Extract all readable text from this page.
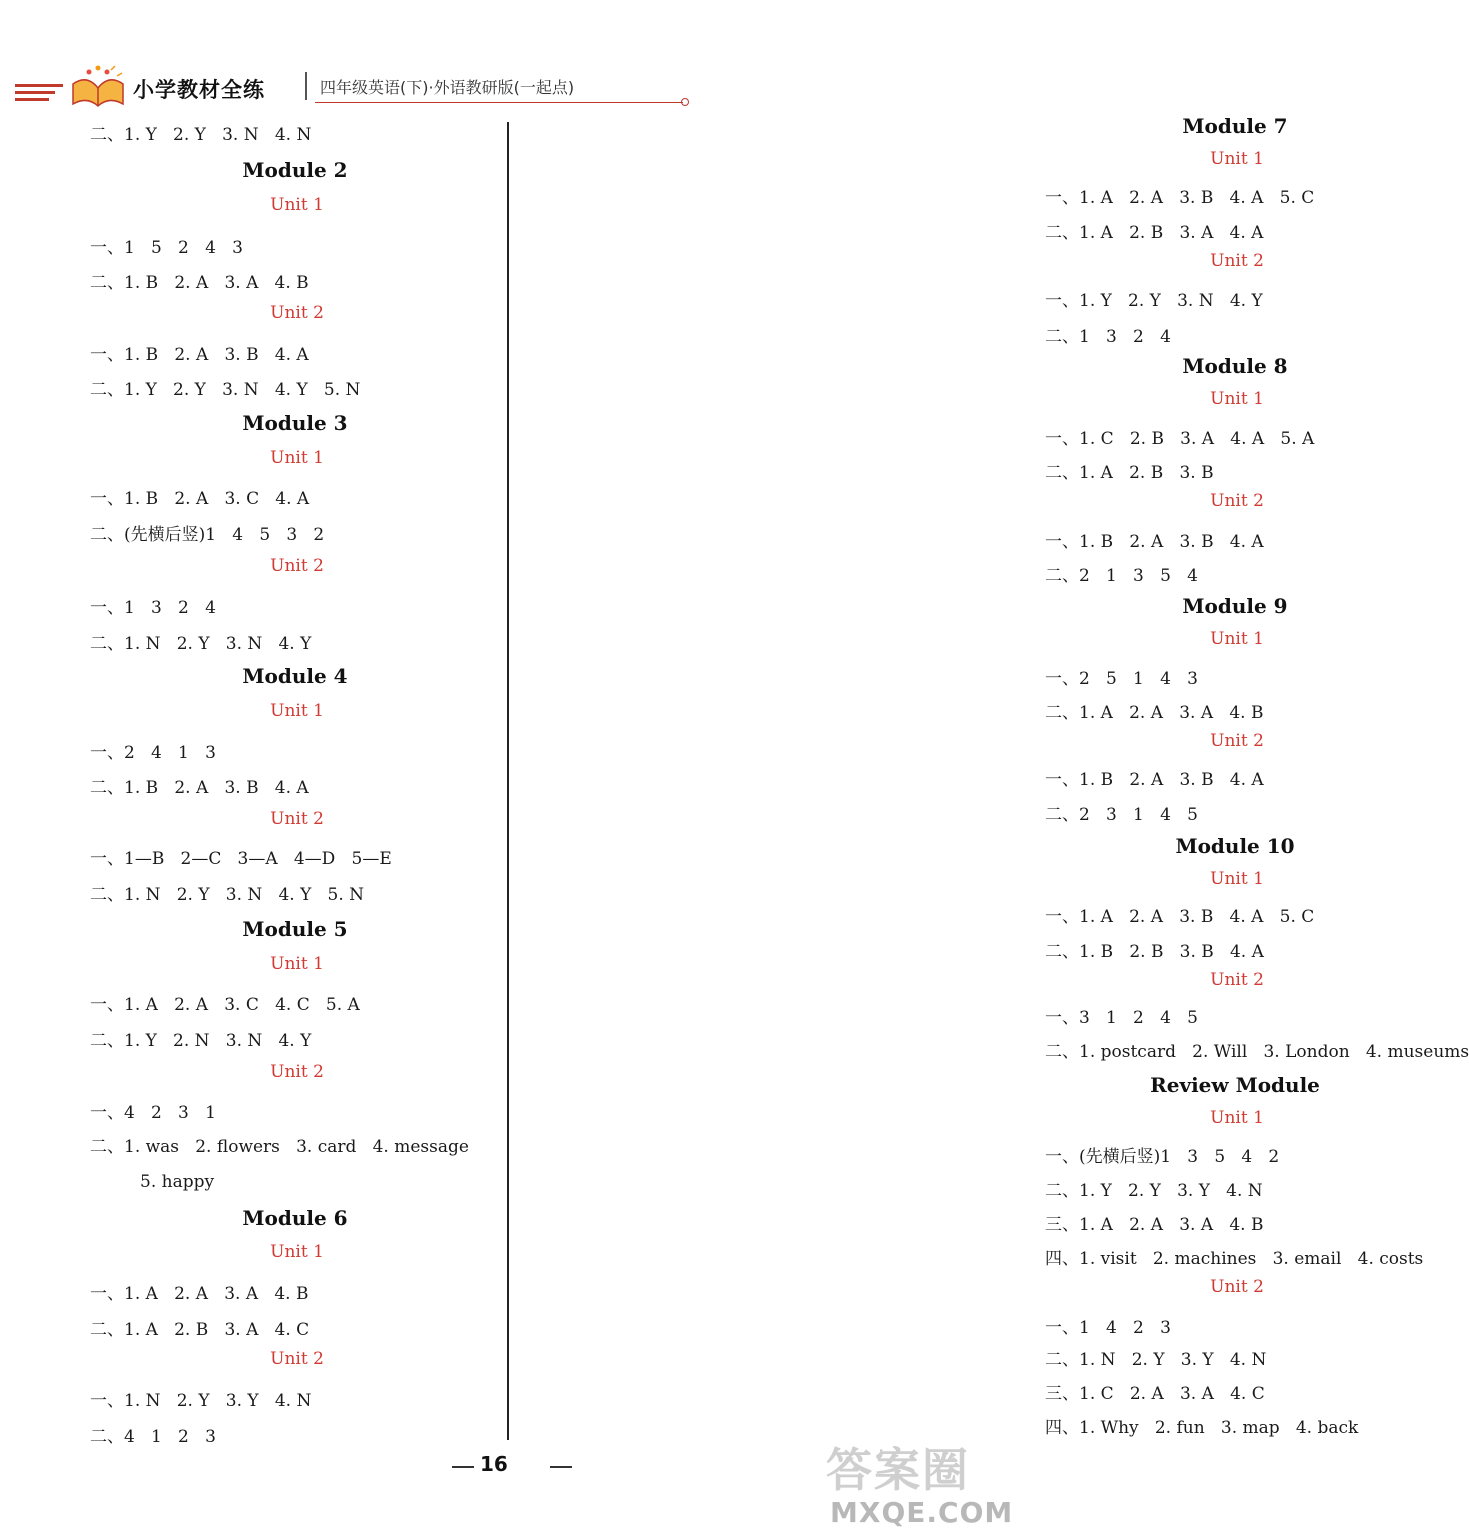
小学教材全练	四年级英语(下)·外语教研版(一起点)
二、1. Y   2. Y   3. N   4. N
Module 2
Unit 1
一、1   5   2   4   3
二、1. B   2. A   3. A   4. B
Unit 2
一、1. B   2. A   3. B   4. A
二、1. Y   2. Y   3. N   4. Y   5. N
Module 3
Unit 1
一、1. B   2. A   3. C   4. A
二、(先横后竖)1   4   5   3   2
Unit 2
一、1   3   2   4
二、1. N   2. Y   3. N   4. Y
Module 4
Unit 1
一、2   4   1   3
二、1. B   2. A   3. B   4. A
Unit 2
一、1—B   2—C   3—A   4—D   5—E
二、1. N   2. Y   3. N   4. Y   5. N
Module 5
Unit 1
一、1. A   2. A   3. C   4. C   5. A
二、1. Y   2. N   3. N   4. Y
Unit 2
一、4   2   3   1
二、1. was   2. flowers   3. card   4. message
5. happy
Module 6
Unit 1
一、1. A   2. A   3. A   4. B
二、1. A   2. B   3. A   4. C
Unit 2
一、1. N   2. Y   3. Y   4. N
二、4   1   2   3
Module 7
Unit 1
一、1. A   2. A   3. B   4. A   5. C
二、1. A   2. B   3. A   4. A
Unit 2
一、1. Y   2. Y   3. N   4. Y
二、1   3   2   4
Module 8
Unit 1
一、1. C   2. B   3. A   4. A   5. A
二、1. A   2. B   3. B
Unit 2
一、1. B   2. A   3. B   4. A
二、2   1   3   5   4
Module 9
Unit 1
一、2   5   1   4   3
二、1. A   2. A   3. A   4. B
Unit 2
一、1. B   2. A   3. B   4. A
二、2   3   1   4   5
Module 10
Unit 1
一、1. A   2. A   3. B   4. A   5. C
二、1. B   2. B   3. B   4. A
Unit 2
一、3   1   2   4   5
二、1. postcard   2. Will   3. London   4. museums
Review Module
Unit 1
一、(先横后竖)1   3   5   4   2
二、1. Y   2. Y   3. Y   4. N
三、1. A   2. A   3. A   4. B
四、1. visit   2. machines   3. email   4. costs
Unit 2
一、1   4   2   3
二、1. N   2. Y   3. Y   4. N
三、1. C   2. A   3. A   4. C
四、1. Why   2. fun   3. map   4. back
16	答案圈
MXQE.COM
